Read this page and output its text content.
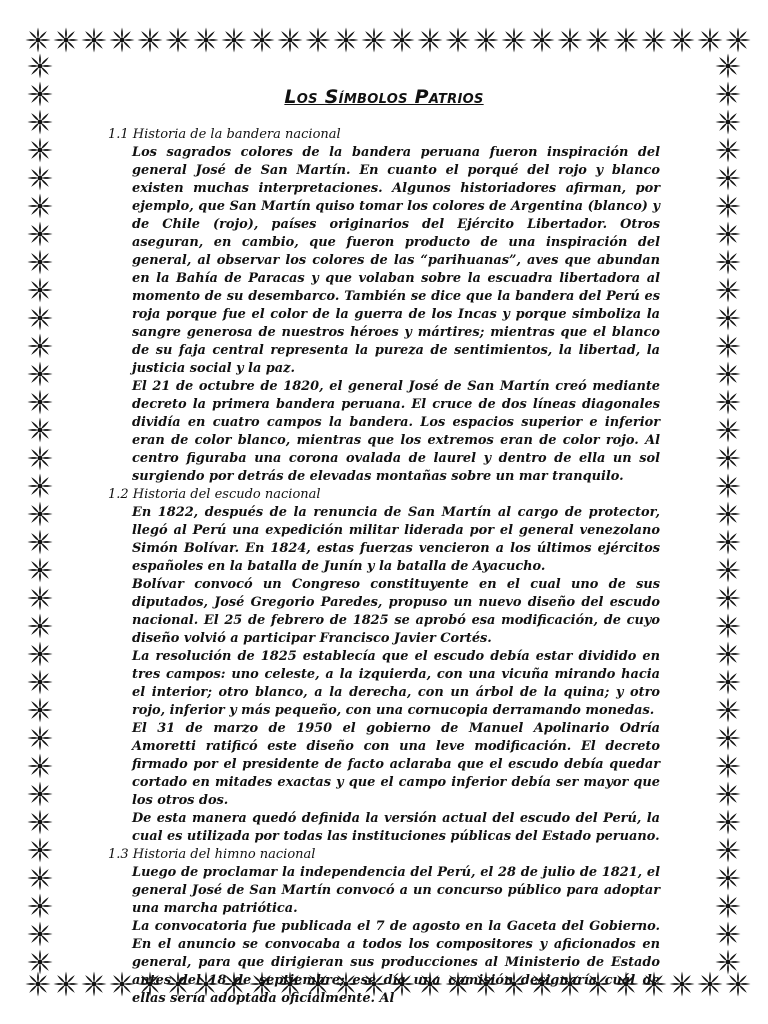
Los Símbolos Patrios
1.1 Historia de la bandera nacional

Los sagrados colores de la bandera peruana fueron inspiración del general José de San Martín. En cuanto el porqué del rojo y blanco existen muchas interpretaciones. Algunos historiadores afirman, por ejemplo, que San Martín quiso tomar los colores de Argentina (blanco) y de Chile (rojo), países originarios del Ejército Libertador. Otros aseguran, en cambio, que fueron producto de una inspiración del general, al observar los colores de las “parihuanas”, aves que abundan en la Bahía de Paracas y que volaban sobre la escuadra libertadora al momento de su desembarco. También se dice que la bandera del Perú es roja porque fue el color de la guerra de los Incas y porque simboliza la sangre generosa de nuestros héroes y mártires; mientras que el blanco de su faja central representa la pureza de sentimientos, la libertad, la justicia social y la paz.

El 21 de octubre de 1820, el general José de San Martín creó mediante decreto la primera bandera peruana. El cruce de dos líneas diagonales dividía en cuatro campos la bandera. Los espacios superior e inferior eran de color blanco, mientras que los extremos eran de color rojo. Al centro figuraba una corona ovalada de laurel y dentro de ella un sol surgiendo por detrás de elevadas montañas sobre un mar tranquilo.

1.2 Historia del escudo nacional

En 1822, después de la renuncia de San Martín al cargo de protector, llegó al Perú una expedición militar liderada por el general venezolano Simón Bolívar. En 1824, estas fuerzas vencieron a los últimos ejércitos españoles en la batalla de Junín y la batalla de Ayacucho.

Bolívar convocó un Congreso constituyente en el cual uno de sus diputados, José Gregorio Paredes, propuso un nuevo diseño del escudo nacional. El 25 de febrero de 1825 se aprobó esa modificación, de cuyo diseño volvió a participar Francisco Javier Cortés.

La resolución de 1825 establecía que el escudo debía estar dividido en tres campos: uno celeste, a la izquierda, con una vicuña mirando hacia el interior; otro blanco, a la derecha, con un árbol de la quina; y otro rojo, inferior y más pequeño, con una cornucopia derramando monedas.

El 31 de marzo de 1950 el gobierno de Manuel Apolinario Odría Amoretti ratificó este diseño con una leve modificación. El decreto firmado por el presidente de facto aclaraba que el escudo debía quedar cortado en mitades exactas y que el campo inferior debía ser mayor que los otros dos.

De esta manera quedó definida la versión actual del escudo del Perú, la cual es utilizada por todas las instituciones públicas del Estado peruano.

1.3 Historia del himno nacional

Luego de proclamar la independencia del Perú, el 28 de julio de 1821, el general José de San Martín convocó a un concurso público para adoptar una marcha patriótica.

La convocatoria fue publicada el 7 de agosto en la Gaceta del Gobierno. En el anuncio se convocaba a todos los compositores y aficionados en general, para que dirigieran sus producciones al Ministerio de Estado antes del 18 de septiembre; ese día una comisión designaría cuál de ellas sería adoptada oficialmente. Al
